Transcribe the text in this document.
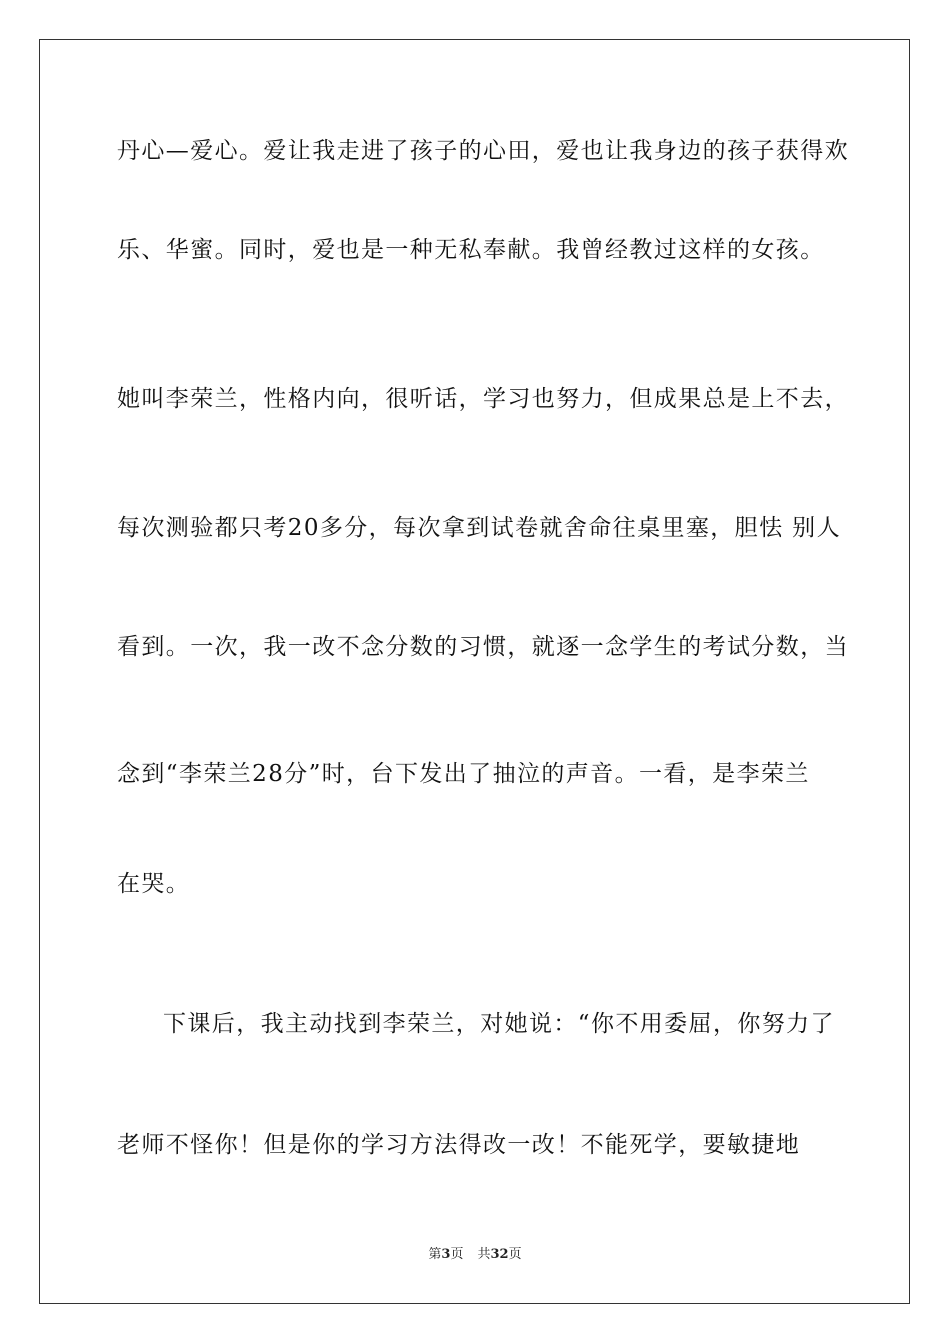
丹心—爱心。爱让我走进了孩子的心田，爱也让我身边的孩子获得欢
乐、华蜜。同时，爱也是一种无私奉献。我曾经教过这样的女孩。
她叫李荣兰，性格内向，很听话，学习也努力，但成果总是上不去，
每次测验都只考20多分，每次拿到试卷就舍命往桌里塞，胆怯 别人
看到。一次，我一改不念分数的习惯，就逐一念学生的考试分数，当
念到“李荣兰28分”时，台下发出了抽泣的声音。一看，是李荣兰
在哭。
下课后，我主动找到李荣兰，对她说：“你不用委屈，你努力了
老师不怪你！但是你的学习方法得改一改！不能死学，要敏捷地
第3页 共32页
